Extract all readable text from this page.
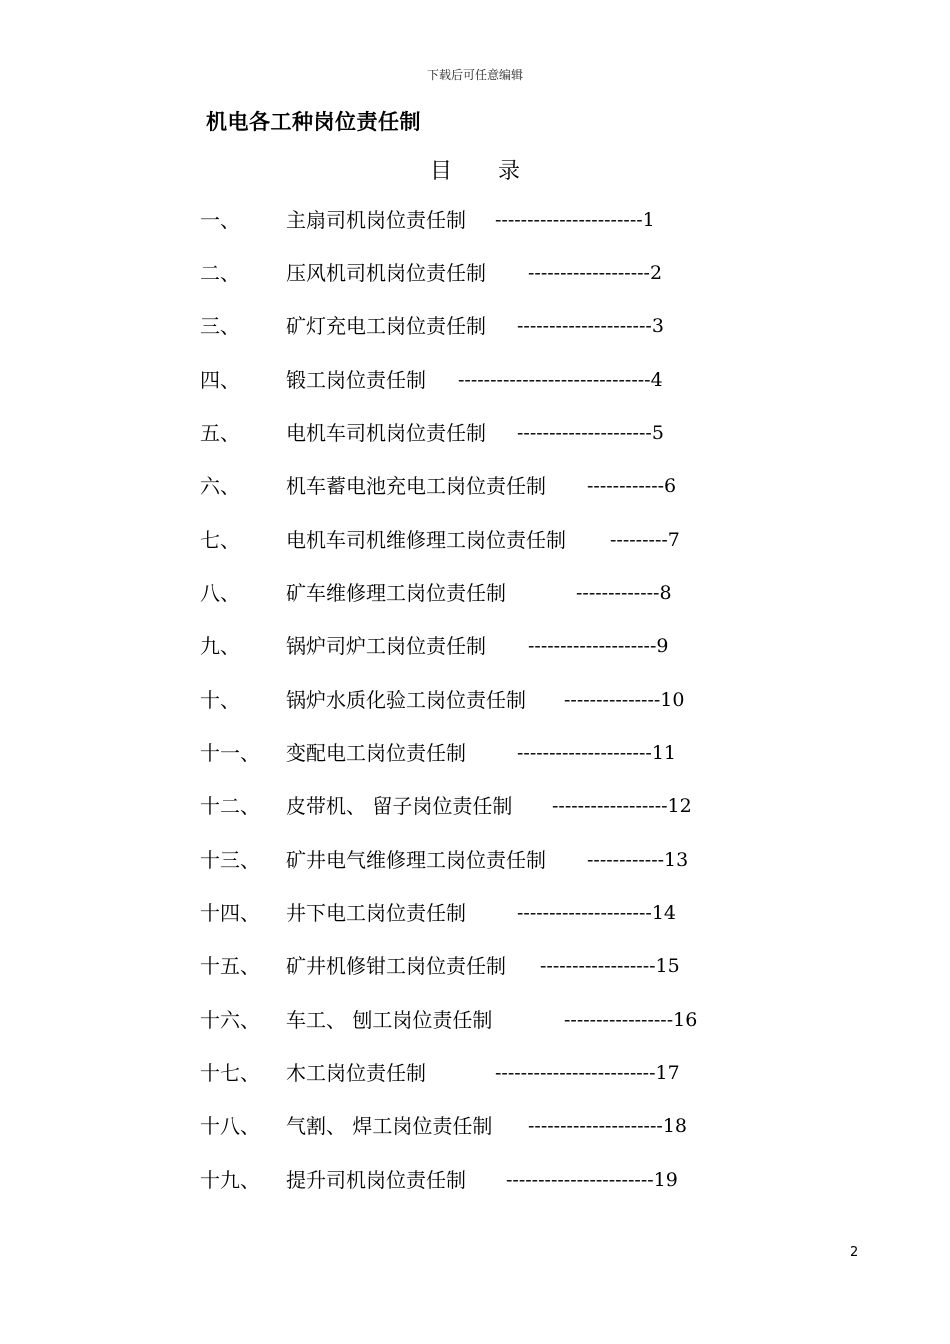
下载后可任意编辑
机电各工种岗位责任制
目 录
一、 主扇司机岗位责任制 -----------------------1
二、 压风机司机岗位责任制 -------------------2
三、 矿灯充电工岗位责任制 ---------------------3
四、 锻工岗位责任制 ------------------------------4
五、 电机车司机岗位责任制 ---------------------5
六、 机车蓄电池充电工岗位责任制 ------------6
七、 电机车司机维修理工岗位责任制 ---------7
八、 矿车维修理工岗位责任制	-------------8
九、 锅炉司炉工岗位责任制 --------------------9
十、 锅炉水质化验工岗位责任制 ---------------10
十一、 变配电工岗位责任制	---------------------11
十二、 皮带机、 留子岗位责任制 ------------------12
十三、 矿井电气维修理工岗位责任制 ------------13
十四、 井下电工岗位责任制	---------------------14
十五、 矿井机修钳工岗位责任制 ------------------15
十六、 车工、 刨工岗位责任制	-----------------16
十七、 木工岗位责任制	-------------------------17
十八、 气割、 焊工岗位责任制 ---------------------18
十九、 提升司机岗位责任制 -----------------------19
2
